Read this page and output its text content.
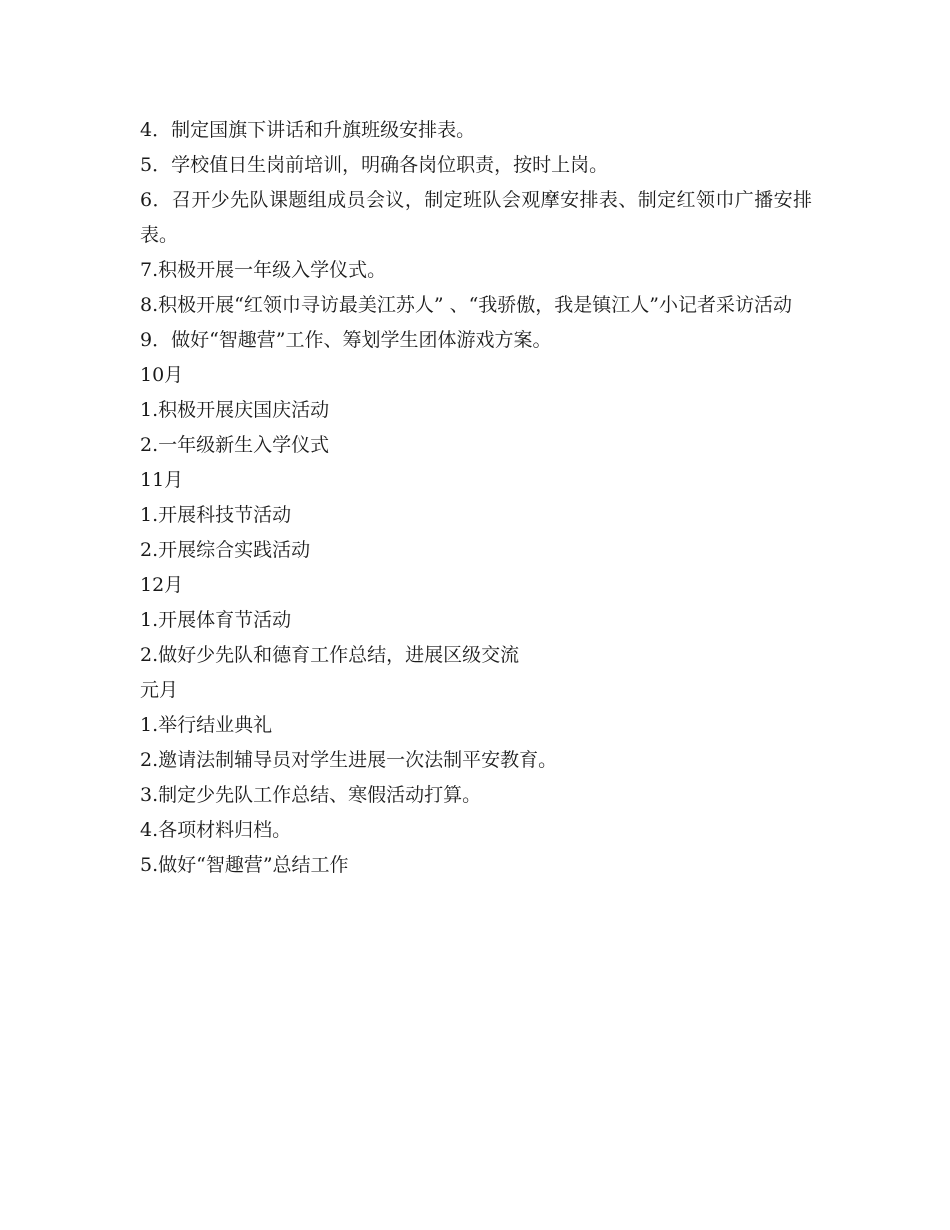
4．制定国旗下讲话和升旗班级安排表。

5．学校值日生岗前培训，明确各岗位职责，按时上岗。

6．召开少先队课题组成员会议，制定班队会观摩安排表、制定红领巾广播安排表。

7.积极开展一年级入学仪式。

8.积极开展“红领巾寻访最美江苏人” 、“我骄傲，我是镇江人”小记者采访活动

9．做好“智趣营”工作、筹划学生团体游戏方案。

10月

1.积极开展庆国庆活动

2.一年级新生入学仪式

11月

1.开展科技节活动

2.开展综合实践活动

12月

1.开展体育节活动

2.做好少先队和德育工作总结，进展区级交流

元月

1.举行结业典礼

2.邀请法制辅导员对学生进展一次法制平安教育。

3.制定少先队工作总结、寒假活动打算。

4.各项材料归档。

5.做好“智趣营”总结工作
